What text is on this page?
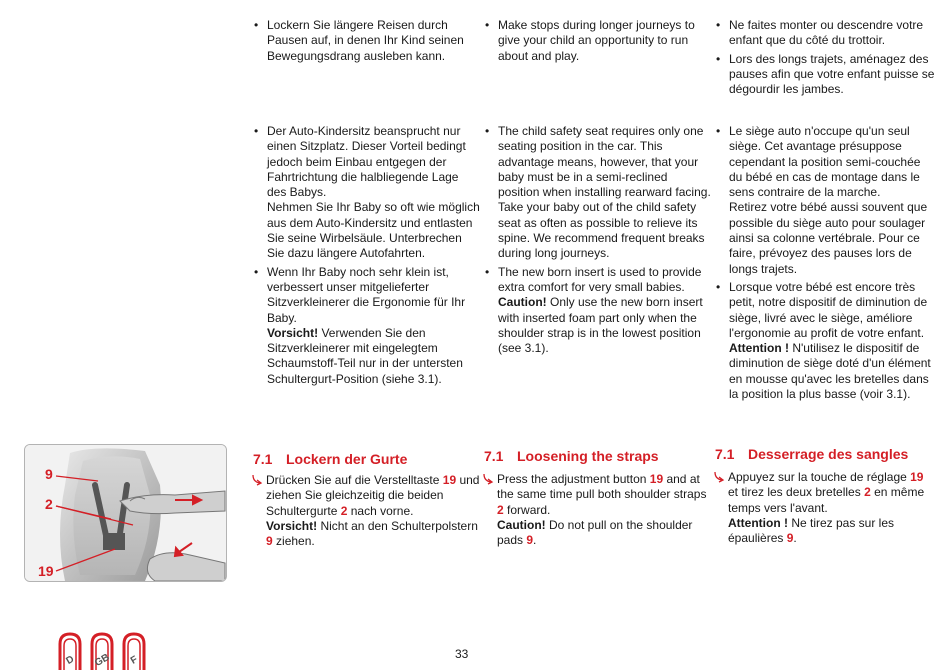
• Lockern Sie längere Reisen durch Pausen auf, in denen Ihr Kind seinen Bewegungsdrang ausleben kann.
• Make stops during longer journeys to give your child an opportunity to run about and play.
• Ne faites monter ou descendre votre enfant que du côté du trottoir.
• Lors des longs trajets, aménagez des pauses afin que votre enfant puisse se dégourdir les jambes.
• Der Auto-Kindersitz beansprucht nur einen Sitzplatz. Dieser Vorteil bedingt jedoch beim Einbau entgegen der Fahrtrichtung die halbliegende Lage des Babys.
Nehmen Sie Ihr Baby so oft wie möglich aus dem Auto-Kindersitz und entlasten Sie seine Wirbelsäule. Unterbrechen Sie dazu längere Autofahrten.
• Wenn Ihr Baby noch sehr klein ist, verbessert unser mitgelieferter Sitzverkleinerer die Ergonomie für Ihr Baby.
Vorsicht! Verwenden Sie den Sitzverkleinerer mit eingelegtem Schaumstoff-Teil nur in der untersten Schultergurt-Position (siehe 3.1).
• The child safety seat requires only one seating position in the car. This advantage means, however, that your baby must be in a semi-reclined position when installing rearward facing.
Take your baby out of the child safety seat as often as possible to relieve its spine. We recommend frequent breaks during long journeys.
• The new born insert is used to provide extra comfort for very small babies.
Caution! Only use the new born insert with inserted foam part only when the shoulder strap is in the lowest position (see 3.1).
• Le siège auto n'occupe qu'un seul siège. Cet avantage présuppose cependant la position semi-couchée du bébé en cas de montage dans le sens contraire de la marche.
Retirez votre bébé aussi souvent que possible du siège auto pour soulager ainsi sa colonne vertébrale. Pour ce faire, prévoyez des pauses lors de longs trajets.
• Lorsque votre bébé est encore très petit, notre dispositif de diminution de siège, livré avec le siège, améliore l'ergonomie au profit de votre enfant.
Attention ! N'utilisez le dispositif de diminution de siège doté d'un élément en mousse qu'avec les bretelles dans la position la plus basse (voir 3.1).
9
2
19
7.1 Lockern der Gurte	7.1 Loosening the straps	7.1 Desserrage des sangles
Drücken Sie auf die Verstelltaste 19 und ziehen Sie gleichzeitig die beiden Schultergurte 2 nach vorne.
Vorsicht! Nicht an den Schulterpolstern 9 ziehen.
Press the adjustment button 19 and at the same time pull both shoulder straps 2 forward.
Caution! Do not pull on the shoulder pads 9.
Appuyez sur la touche de réglage 19 et tirez les deux bretelles 2 en même temps vers l'avant.
Attention ! Ne tirez pas sur les épaulières 9.
D GB F	33
